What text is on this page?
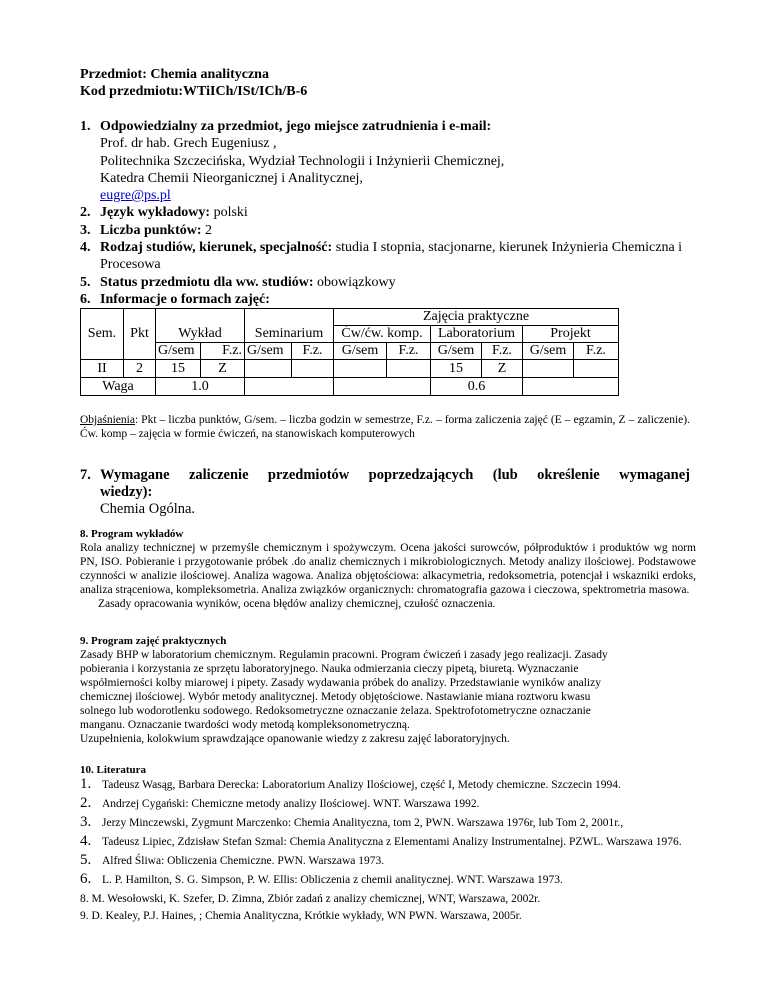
Przedmiot: Chemia analityczna
Kod przedmiotu:WTiICh/ISt/ICh/B-6
1. Odpowiedzialny za przedmiot, jego miejsce zatrudnienia i e-mail:
Prof. dr hab. Grech Eugeniusz ,
Politechnika Szczecińska, Wydział Technologii i Inżynierii Chemicznej,
Katedra Chemii Nieorganicznej i Analitycznej,
eugre@ps.pl
2. Język wykładowy: polski
3. Liczba punktów: 2
4. Rodzaj studiów, kierunek, specjalność: studia I stopnia, stacjonarne, kierunek Inżynieria Chemiczna i Procesowa
5. Status przedmiotu dla ww. studiów: obowiązkowy
6. Informacje o formach zajęć:
Sem.	Pkt	Wykład		Seminarium		Zajęcia praktyczne					
						Ćw/ćw. komp.		Laboratorium		Projekt	
		G/sem	F.z.	G/sem	F.z.	G/sem	F.z.	G/sem	F.z.	G/sem	F.z.
II	2	15	Z					15	Z		
Waga		1.0						0.6			
Objaśnienia: Pkt – liczba punktów, G/sem. – liczba godzin w semestrze, F.z. – forma zaliczenia zajęć (E – egzamin, Z – zaliczenie). Ćw. komp – zajęcia w formie ćwiczeń, na stanowiskach komputerowych
7. Wymagane zaliczenie przedmiotów poprzedzających (lub określenie wymaganej
wiedzy):
Chemia Ogólna.
8. Program wykładów
Rola analizy technicznej w przemyśle chemicznym i spożywczym. Ocena jakości surowców, półproduktów i produktów wg norm PN, ISO. Pobieranie i przygotowanie próbek .do analiz chemicznych i mikrobiologicznych. Metody analizy ilościowej. Podstawowe czynności w analizie ilościowej. Analiza wagowa. Analiza objętościowa: alkacymetria, redoksometria, potencjał i wskazniki erdoks, analiza strąceniowa, kompleksometria. Analiza związków organicznych: chromatografia gazowa i cieczowa, spektrometria masowa.
Zasady opracowania wyników, ocena błędów analizy chemicznej, czułość oznaczenia.
9. Program zajęć praktycznych
Zasady BHP w laboratorium chemicznym. Regulamin pracowni. Program ćwiczeń i zasady jego realizacji. Zasady
pobierania i korzystania ze sprzętu laboratoryjnego. Nauka odmierzania cieczy pipetą, biuretą. Wyznaczanie
współmierności kolby miarowej i pipety. Zasady wydawania próbek do analizy. Przedstawianie wyników analizy
chemicznej ilościowej. Wybór metody analitycznej. Metody objętościowe. Nastawianie miana roztworu kwasu
solnego lub wodorotlenku sodowego. Redoksometryczne oznaczanie żelaza. Spektrofotometryczne oznaczanie
manganu. Oznaczanie twardości wody metodą kompleksonometryczną.
Uzupełnienia, kolokwium sprawdzające opanowanie wiedzy z zakresu zajęć laboratoryjnych.
10. Literatura
1. Tadeusz Wasąg, Barbara Derecka: Laboratorium Analizy Ilościowej, część I, Metody chemiczne. Szczecin 1994.
2. Andrzej Cygański: Chemiczne metody analizy Ilościowej. WNT. Warszawa 1992.
3. Jerzy Minczewski, Zygmunt Marczenko: Chemia Analityczna, tom 2, PWN. Warszawa 1976r, lub Tom 2, 2001r.,
4. Tadeusz Lipiec, Zdzisław Stefan Szmal: Chemia Analityczna z Elementami Analizy Instrumentalnej. PZWL. Warszawa 1976.
5. Alfred Śliwa: Obliczenia Chemiczne. PWN. Warszawa 1973.
6. L. P. Hamilton, S. G. Simpson, P. W. Ellis: Obliczenia z chemii analitycznej. WNT. Warszawa 1973.
8. M. Wesołowski, K. Szefer, D. Zimna, Zbiór zadań z analizy chemicznej, WNT, Warszawa, 2002r.
9. D. Kealey, P.J. Haines, ; Chemia Analityczna, Krótkie wykłady, WN PWN. Warszawa, 2005r.
